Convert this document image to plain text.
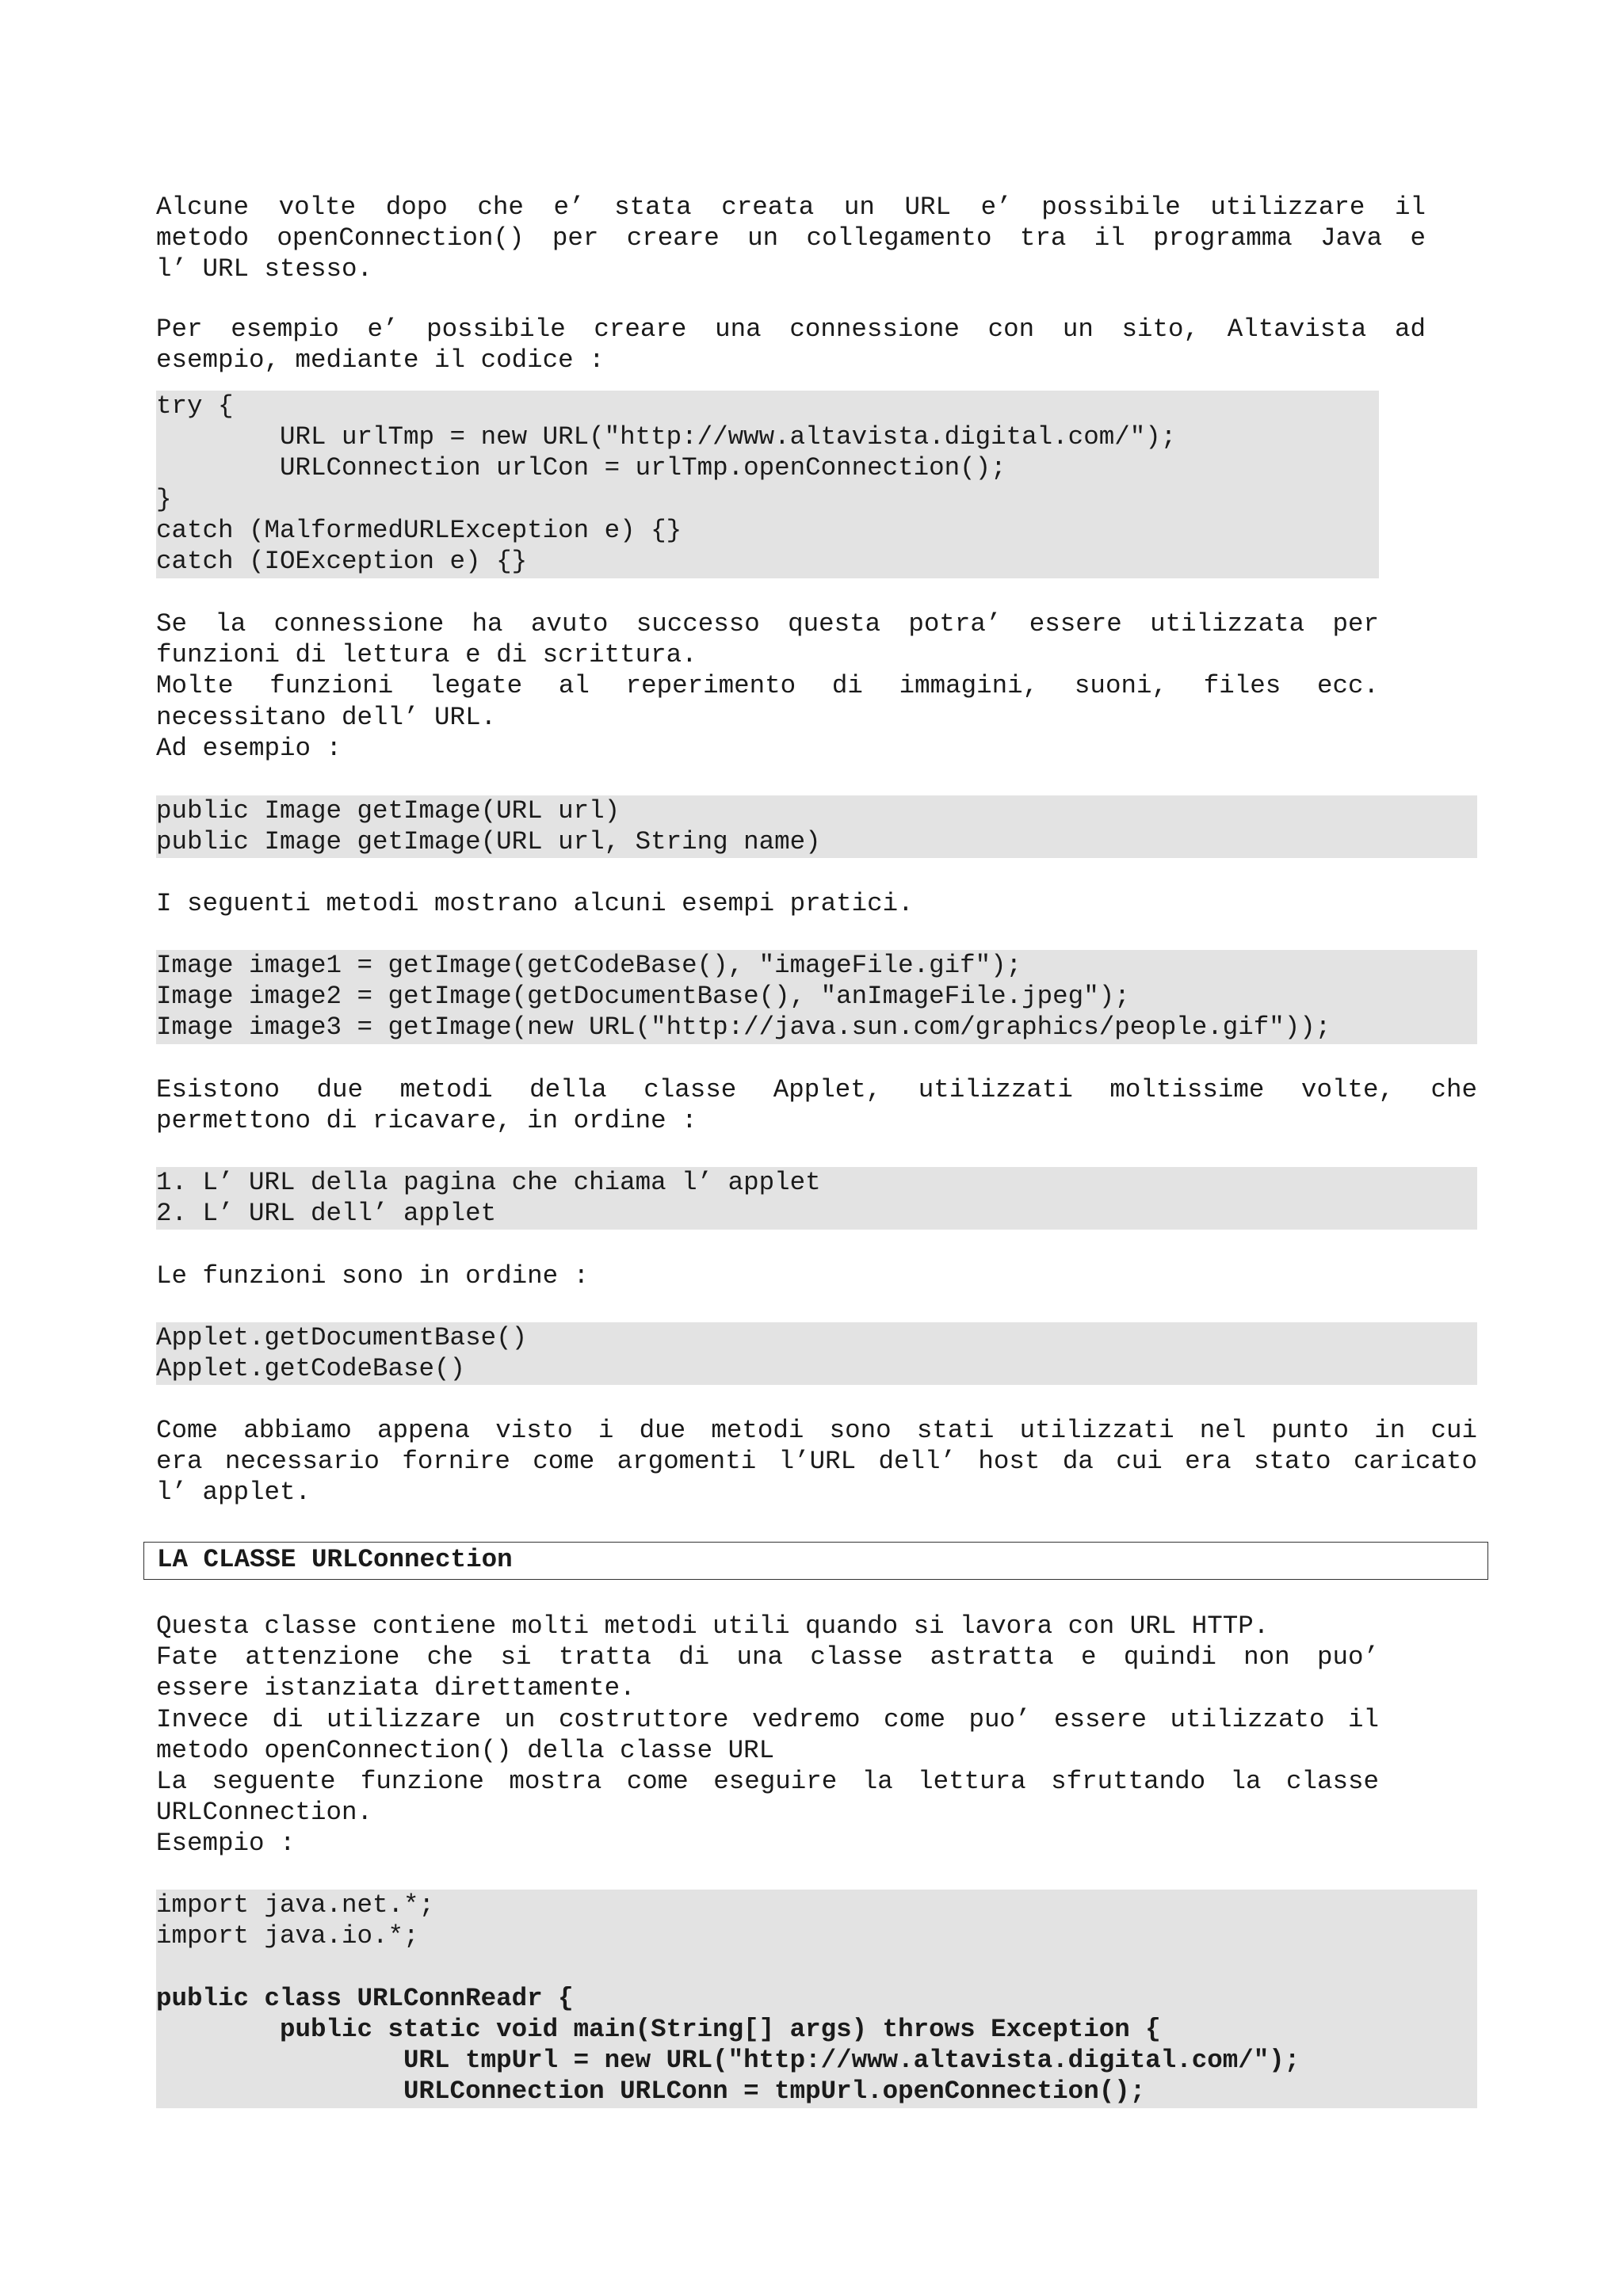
Alcune volte dopo che e’ stata creata un URL e’ possibile utilizzare il
metodo openConnection() per creare un collegamento tra il programma Java e
l’ URL stesso.
Per esempio e’ possibile creare una connessione con un sito, Altavista ad
esempio, mediante il codice :
try {
URL urlTmp = new URL("http://www.altavista.digital.com/");
URLConnection urlCon = urlTmp.openConnection();
}
catch (MalformedURLException e) {}
catch (IOException e) {}
Se la connessione ha avuto successo questa potra’ essere utilizzata per
funzioni di lettura e di scrittura.
Molte funzioni legate al reperimento di immagini, suoni, files ecc.
necessitano dell’ URL.
Ad esempio :
public Image getImage(URL url)
public Image getImage(URL url, String name)
I seguenti metodi mostrano alcuni esempi pratici.
Image image1 = getImage(getCodeBase(), "imageFile.gif");
Image image2 = getImage(getDocumentBase(), "anImageFile.jpeg");
Image image3 = getImage(new URL("http://java.sun.com/graphics/people.gif"));
Esistono due metodi della classe Applet, utilizzati moltissime volte, che
permettono di ricavare, in ordine :
1. L’ URL della pagina che chiama l’ applet
2. L’ URL dell’ applet
Le funzioni sono in ordine :
Applet.getDocumentBase()
Applet.getCodeBase()
Come abbiamo appena visto i due metodi sono stati utilizzati nel punto in cui
era necessario fornire come argomenti l’URL dell’ host da cui era stato caricato
l’ applet.
LA CLASSE URLConnection
Questa classe contiene molti metodi utili quando si lavora con URL HTTP.
Fate attenzione che si tratta di una classe astratta e quindi non puo’
essere istanziata direttamente.
Invece di utilizzare un costruttore vedremo come puo’ essere utilizzato il
metodo openConnection() della classe URL
La seguente funzione mostra come eseguire la lettura sfruttando la classe
URLConnection.
Esempio :
import java.net.*;
import java.io.*;
public class URLConnReadr {
public static void main(String[] args) throws Exception {
URL tmpUrl = new URL("http://www.altavista.digital.com/");
URLConnection URLConn = tmpUrl.openConnection();
